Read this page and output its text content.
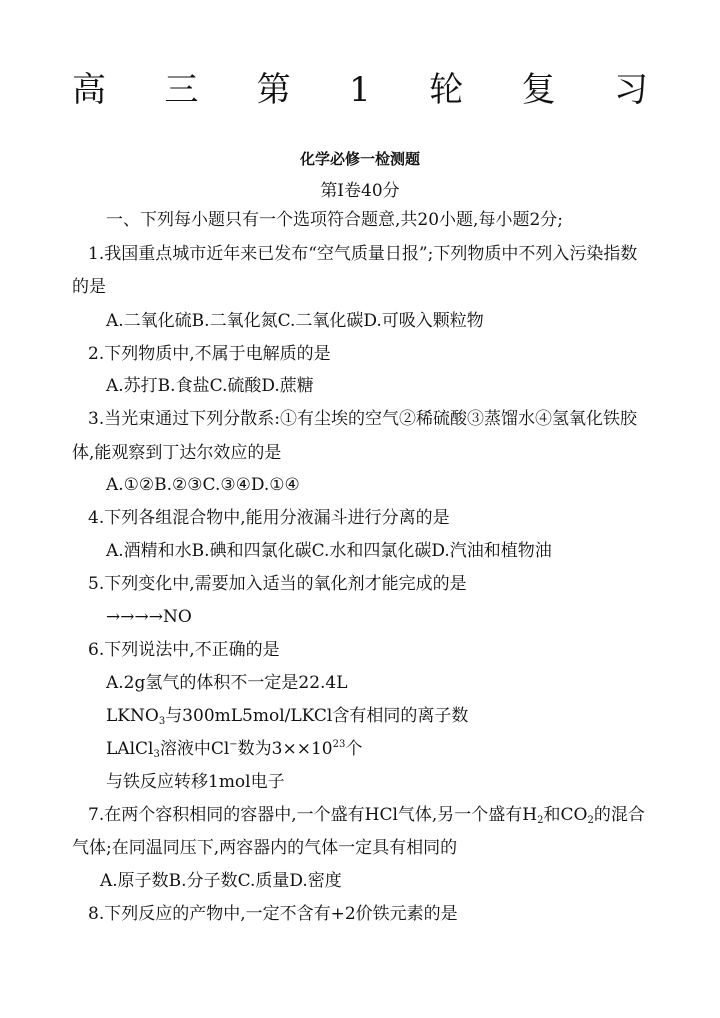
高 三 第 1 轮 复 习
化学必修一检测题
第Ⅰ卷40分
一、下列每小题只有一个选项符合题意,共20小题,每小题2分;
1.我国重点城市近年来已发布“空气质量日报”;下列物质中不列入污染指数
的是
A.二氧化硫B.二氧化氮C.二氧化碳D.可吸入颗粒物
2.下列物质中,不属于电解质的是
A.苏打B.食盐C.硫酸D.蔗糖
3.当光束通过下列分散系:①有尘埃的空气②稀硫酸③蒸馏水④氢氧化铁胶
体,能观察到丁达尔效应的是
A.①②B.②③C.③④D.①④
4.下列各组混合物中,能用分液漏斗进行分离的是
A.酒精和水B.碘和四氯化碳C.水和四氯化碳D.汽油和植物油
5.下列变化中,需要加入适当的氧化剂才能完成的是
→→→→NO
6.下列说法中,不正确的是
A.2g氢气的体积不一定是22.4L
$LKNO_3$与300mL5mol/LKCl含有相同的离子数
LAlCl$_3$溶液中Cl−数为$3\times\times 10^{23}$个
与铁反应转移1mol电子
7.在两个容积相同的容器中,一个盛有HCl气体,另一个盛有$H_2$和$CO_2$的混合
气体;在同温同压下,两容器内的气体一定具有相同的
A.原子数B.分子数C.质量D.密度
8.下列反应的产物中,一定不含有+2价铁元素的是
